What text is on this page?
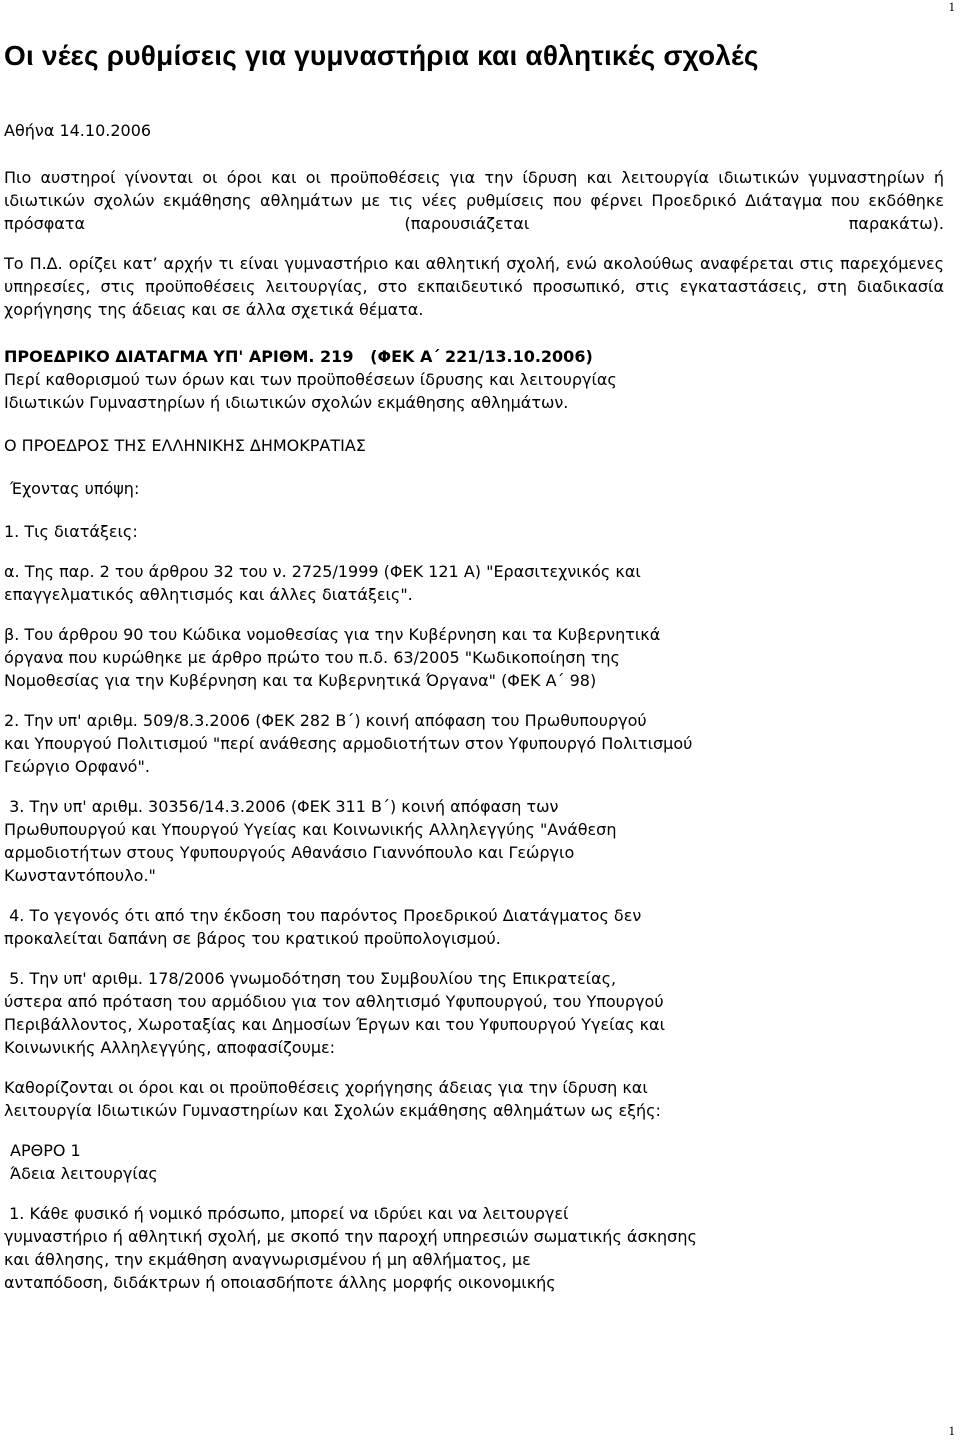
1
Οι νέες ρυθμίσεις για γυμναστήρια και αθλητικές σχολές

Αθήνα 14.10.2006

Πιο αυστηροί γίνονται οι όροι και οι προϋποθέσεις για την ίδρυση και λειτουργία ιδιωτικών γυμναστηρίων ή ιδιωτικών σχολών εκμάθησης αθλημάτων με τις νέες ρυθμίσεις που φέρνει Προεδρικό Διάταγμα που εκδόθηκε πρόσφατα (παρουσιάζεται παρακάτω).

Το Π.Δ. ορίζει κατ’ αρχήν τι είναι γυμναστήριο και αθλητική σχολή, ενώ ακολούθως αναφέρεται στις παρεχόμενες υπηρεσίες, στις προϋποθέσεις λειτουργίας, στο εκπαιδευτικό προσωπικό, στις εγκαταστάσεις, στη διαδικασία χορήγησης της άδειας και σε άλλα σχετικά θέματα.

ΠΡΟΕΔΡΙΚΟ ΔΙΑΤΑΓΜΑ ΥΠ' ΑΡΙΘΜ. 219   (ΦΕΚ Α΄ 221/13.10.2006)

Περί καθορισμού των όρων και των προϋποθέσεων ίδρυσης και λειτουργίας

Ιδιωτικών Γυμναστηρίων ή ιδιωτικών σχολών εκμάθησης αθλημάτων.

Ο ΠΡΟΕΔΡΟΣ ΤΗΣ ΕΛΛΗΝΙΚΗΣ ΔΗΜΟΚΡΑΤΙΑΣ

Έχοντας υπόψη:

1. Τις διατάξεις:

α. Της παρ. 2 του άρθρου 32 του ν. 2725/1999 (ΦΕΚ 121 Α) "Ερασιτεχνικός και

επαγγελματικός αθλητισμός και άλλες διατάξεις".

β. Του άρθρου 90 του Κώδικα νομοθεσίας για την Κυβέρνηση και τα Κυβερνητικά

όργανα που κυρώθηκε με άρθρο πρώτο του π.δ. 63/2005 "Κωδικοποίηση της

Νομοθεσίας για την Κυβέρνηση και τα Κυβερνητικά Όργανα" (ΦΕΚ Α΄ 98)

2. Την υπ' αριθμ. 509/8.3.2006 (ΦΕΚ 282 Β΄) κοινή απόφαση του Πρωθυπουργού

και Υπουργού Πολιτισμού "περί ανάθεσης αρμοδιοτήτων στον Υφυπουργό Πολιτισμού

Γεώργιο Ορφανό".

3. Την υπ' αριθμ. 30356/14.3.2006 (ΦΕΚ 311 Β΄) κοινή απόφαση των

Πρωθυπουργού και Υπουργού Υγείας και Κοινωνικής Αλληλεγγύης "Ανάθεση

αρμοδιοτήτων στους Υφυπουργούς Αθανάσιο Γιαννόπουλο και Γεώργιο

Κωνσταντόπουλο."

4. Το γεγονός ότι από την έκδοση του παρόντος Προεδρικού Διατάγματος δεν

προκαλείται δαπάνη σε βάρος του κρατικού προϋπολογισμού.

5. Την υπ' αριθμ. 178/2006 γνωμοδότηση του Συμβουλίου της Επικρατείας,

ύστερα από πρόταση του αρμόδιου για τον αθλητισμό Υφυπουργού, του Υπουργού

Περιβάλλοντος, Χωροταξίας και Δημοσίων Έργων και του Υφυπουργού Υγείας και

Κοινωνικής Αλληλεγγύης, αποφασίζουμε:

Καθορίζονται οι όροι και οι προϋποθέσεις χορήγησης άδειας για την ίδρυση και

λειτουργία Ιδιωτικών Γυμναστηρίων και Σχολών εκμάθησης αθλημάτων ως εξής:

ΑΡΘΡΟ 1

Άδεια λειτουργίας

1. Κάθε φυσικό ή νομικό πρόσωπο, μπορεί να ιδρύει και να λειτουργεί

γυμναστήριο ή αθλητική σχολή, με σκοπό την παροχή υπηρεσιών σωματικής άσκησης

και άθλησης, την εκμάθηση αναγνωρισμένου ή μη αθλήματος, με

ανταπόδοση, διδάκτρων ή οποιασδήποτε άλλης μορφής οικονομικής

1
